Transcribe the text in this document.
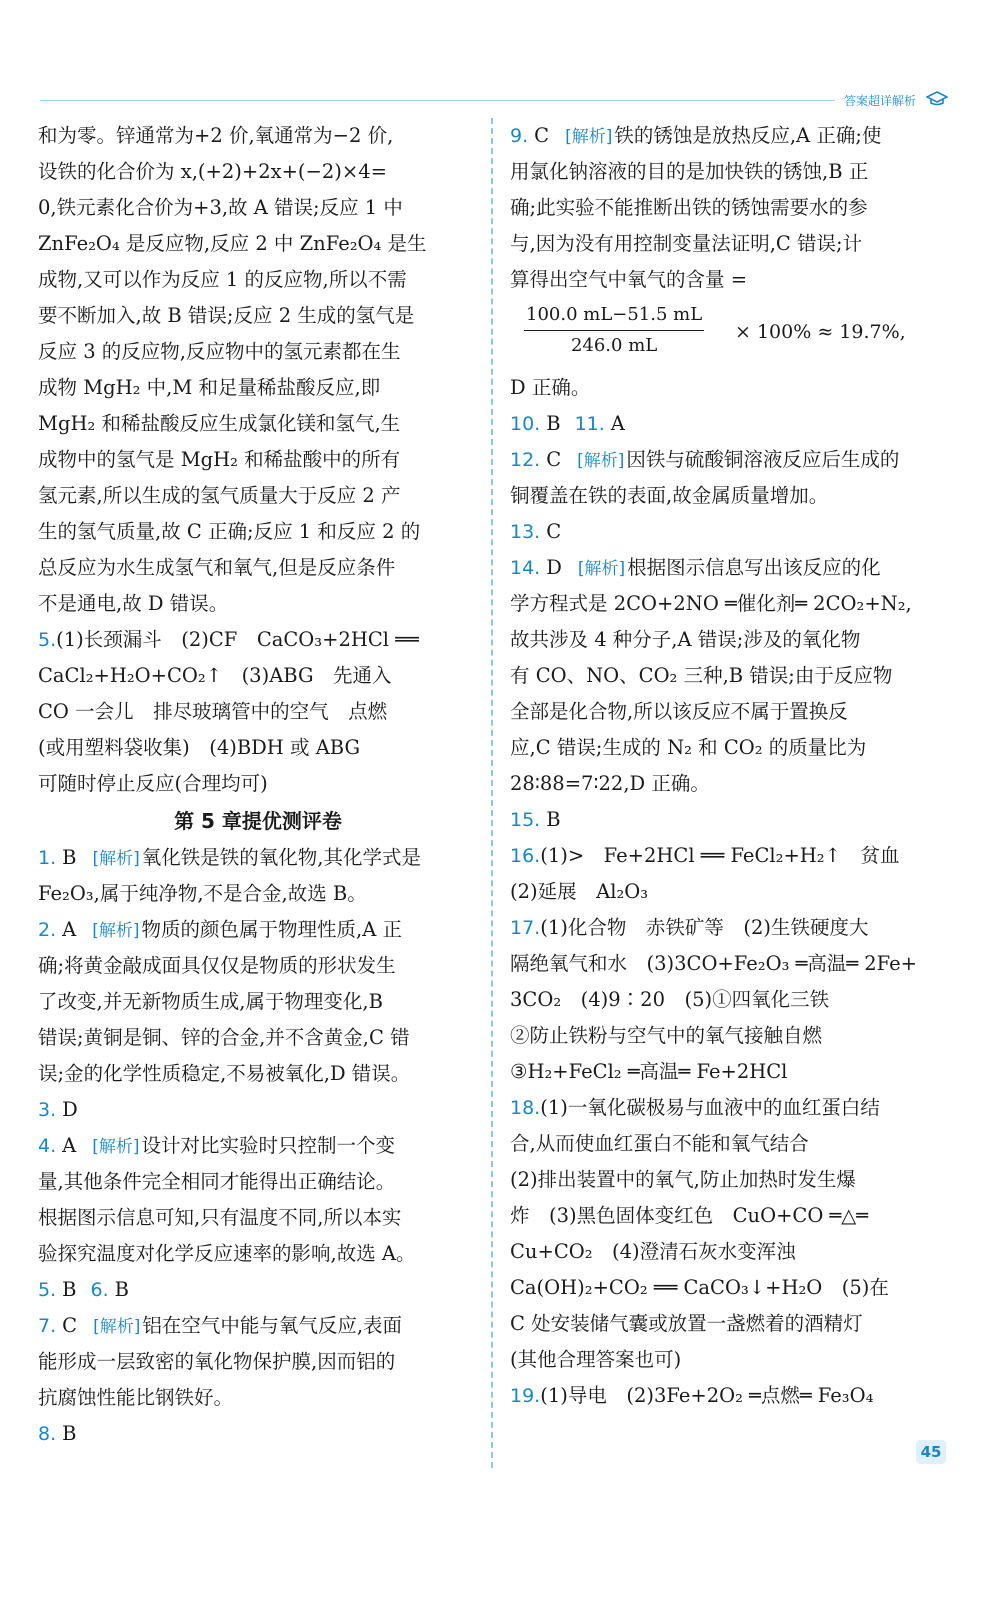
答案超详解析
和为零。锌通常为+2 价,氧通常为−2 价,
设铁的化合价为 x,(+2)+2x+(−2)×4=
0,铁元素化合价为+3,故 A 错误;反应 1 中
ZnFe₂O₄ 是反应物,反应 2 中 ZnFe₂O₄ 是生
成物,又可以作为反应 1 的反应物,所以不需
要不断加入,故 B 错误;反应 2 生成的氢气是
反应 3 的反应物,反应物中的氢元素都在生
成物 MgH₂ 中,M 和足量稀盐酸反应,即
MgH₂ 和稀盐酸反应生成氯化镁和氢气,生
成物中的氢气是 MgH₂ 和稀盐酸中的所有
氢元素,所以生成的氢气质量大于反应 2 产
生的氢气质量,故 C 正确;反应 1 和反应 2 的
总反应为水生成氢气和氧气,但是反应条件
不是通电,故 D 错误。
5.(1)长颈漏斗　(2)CF　CaCO₃+2HCl ══
CaCl₂+H₂O+CO₂↑　(3)ABG　先通入
CO 一会儿　排尽玻璃管中的空气　点燃
(或用塑料袋收集)　(4)BDH 或 ABG
可随时停止反应(合理均可)
第 5 章提优测评卷
1. B [ 解析 ] 氧化铁是铁的氧化物,其化学式是
Fe₂O₃,属于纯净物,不是合金,故选 B。
2. A [ 解析 ] 物质的颜色属于物理性质,A 正
确;将黄金敲成面具仅仅是物质的形状发生
了改变,并无新物质生成,属于物理变化,B
错误;黄铜是铜、锌的合金,并不含黄金,C 错
误;金的化学性质稳定,不易被氧化,D 错误。
3. D
4. A [ 解析 ] 设计对比实验时只控制一个变
量,其他条件完全相同才能得出正确结论。
根据图示信息可知,只有温度不同,所以本实
验探究温度对化学反应速率的影响,故选 A。
5. B 6. B
7. C [ 解析 ] 铝在空气中能与氧气反应,表面
能形成一层致密的氧化物保护膜,因而铝的
抗腐蚀性能比钢铁好。
8. B
9. C [ 解析 ] 铁的锈蚀是放热反应,A 正确;使
用氯化钠溶液的目的是加快铁的锈蚀,B 正
确;此实验不能推断出铁的锈蚀需要水的参
与,因为没有用控制变量法证明,C 错误;计
算得出空气中氧气的含量 =
$\frac{100.0 mL-51.5 mL}{246.0 mL} \times 100\% \approx 19.7\%$,
D 正确。
10. B 11. A
12. C [ 解析 ] 因铁与硫酸铜溶液反应后生成的
铜覆盖在铁的表面,故金属质量增加。
13. C
14. D [ 解析 ] 根据图示信息写出该反应的化
学方程式是 2CO+2NO ═催化剂═ 2CO₂+N₂,
故共涉及 4 种分子,A 错误;涉及的氧化物
有 CO、NO、CO₂ 三种,B 错误;由于反应物
全部是化合物,所以该反应不属于置换反
应,C 错误;生成的 N₂ 和 CO₂ 的质量比为
28∶88=7∶22,D 正确。
15. B
16.(1)>　Fe+2HCl ══ FeCl₂+H₂↑　贫血
(2)延展　Al₂O₃
17.(1)化合物　赤铁矿等　(2)生铁硬度大
隔绝氧气和水　(3)3CO+Fe₂O₃ ═高温═ 2Fe+
3CO₂　(4)9∶20　(5)①四氧化三铁
②防止铁粉与空气中的氧气接触自燃
③H₂+FeCl₂ ═高温═ Fe+2HCl
18.(1)一氧化碳极易与血液中的血红蛋白结
合,从而使血红蛋白不能和氧气结合
(2)排出装置中的氧气,防止加热时发生爆
炸　(3)黑色固体变红色　CuO+CO ═△═
Cu+CO₂　(4)澄清石灰水变浑浊
Ca(OH)₂+CO₂ ══ CaCO₃↓+H₂O　(5)在
C 处安装储气囊或放置一盏燃着的酒精灯
(其他合理答案也可)
19.(1)导电　(2)3Fe+2O₂ ═点燃═ Fe₃O₄
45
